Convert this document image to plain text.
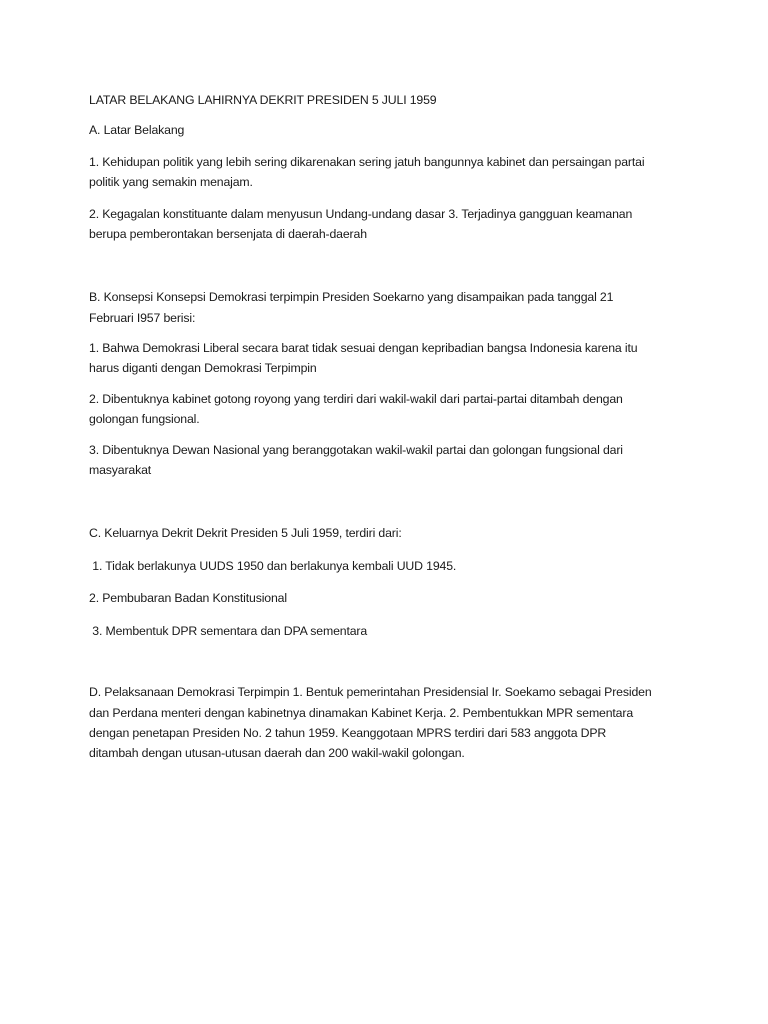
LATAR BELAKANG LAHIRNYA DEKRIT PRESIDEN 5 JULI 1959
A. Latar Belakang
1. Kehidupan politik yang lebih sering dikarenakan sering jatuh bangunnya kabinet dan persaingan partai
politik yang semakin menajam.
2. Kegagalan konstituante dalam menyusun Undang-undang dasar 3. Terjadinya gangguan keamanan
berupa pemberontakan bersenjata di daerah-daerah
B. Konsepsi Konsepsi Demokrasi terpimpin Presiden Soekarno yang disampaikan pada tanggal 21
Februari I957 berisi:
1. Bahwa Demokrasi Liberal secara barat tidak sesuai dengan kepribadian bangsa Indonesia karena itu
harus diganti dengan Demokrasi Terpimpin
2. Dibentuknya kabinet gotong royong yang terdiri dari wakil-wakil dari partai-partai ditambah dengan
golongan fungsional.
3. Dibentuknya Dewan Nasional yang beranggotakan wakil-wakil partai dan golongan fungsional dari
masyarakat
C. Keluarnya Dekrit Dekrit Presiden 5 Juli 1959, terdiri dari:
1. Tidak berlakunya UUDS 1950 dan berlakunya kembali UUD 1945.
2. Pembubaran Badan Konstitusional
3. Membentuk DPR sementara dan DPA sementara
D. Pelaksanaan Demokrasi Terpimpin 1. Bentuk pemerintahan Presidensial Ir. Soekamo sebagai Presiden
dan Perdana menteri dengan kabinetnya dinamakan Kabinet Kerja. 2. Pembentukkan MPR sementara
dengan penetapan Presiden No. 2 tahun 1959. Keanggotaan MPRS terdiri dari 583 anggota DPR
ditambah dengan utusan-utusan daerah dan 200 wakil-wakil golongan.
